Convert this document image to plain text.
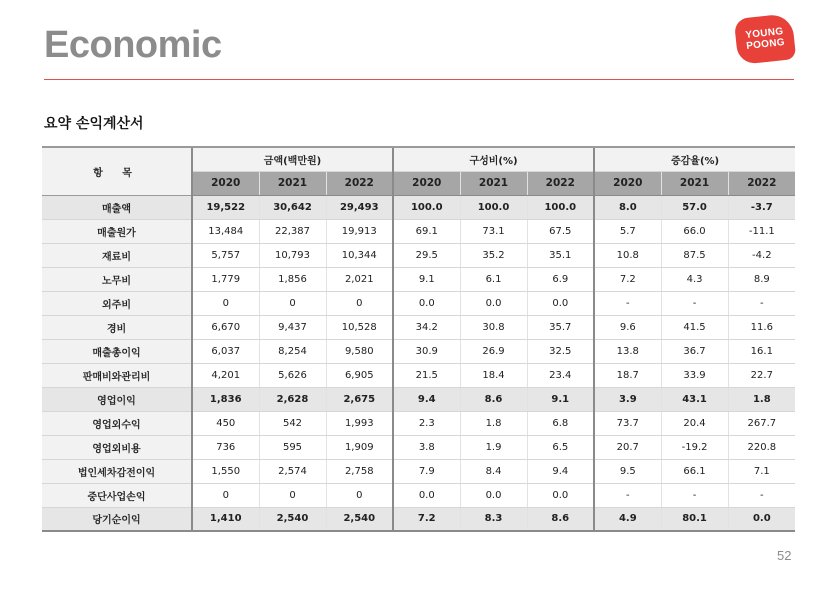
Economic	YOUNG
POONG
요약 손익계산서
항 목	금액(백만원)			구성비(%)			증감율(%)		
	2020	2021	2022	2020	2021	2022	2020	2021	2022
매출액	19,522	30,642	29,493	100.0	100.0	100.0	8.0	57.0	-3.7
매출원가	13,484	22,387	19,913	69.1	73.1	67.5	5.7	66.0	-11.1
재료비	5,757	10,793	10,344	29.5	35.2	35.1	10.8	87.5	-4.2
노무비	1,779	1,856	2,021	9.1	6.1	6.9	7.2	4.3	8.9
외주비	0	0	0	0.0	0.0	0.0	-	-	-
경비	6,670	9,437	10,528	34.2	30.8	35.7	9.6	41.5	11.6
매출총이익	6,037	8,254	9,580	30.9	26.9	32.5	13.8	36.7	16.1
판매비와관리비	4,201	5,626	6,905	21.5	18.4	23.4	18.7	33.9	22.7
영업이익	1,836	2,628	2,675	9.4	8.6	9.1	3.9	43.1	1.8
영업외수익	450	542	1,993	2.3	1.8	6.8	73.7	20.4	267.7
영업외비용	736	595	1,909	3.8	1.9	6.5	20.7	-19.2	220.8
법인세차감전이익	1,550	2,574	2,758	7.9	8.4	9.4	9.5	66.1	7.1
중단사업손익	0	0	0	0.0	0.0	0.0	-	-	-
당기순이익	1,410	2,540	2,540	7.2	8.3	8.6	4.9	80.1	0.0
52
